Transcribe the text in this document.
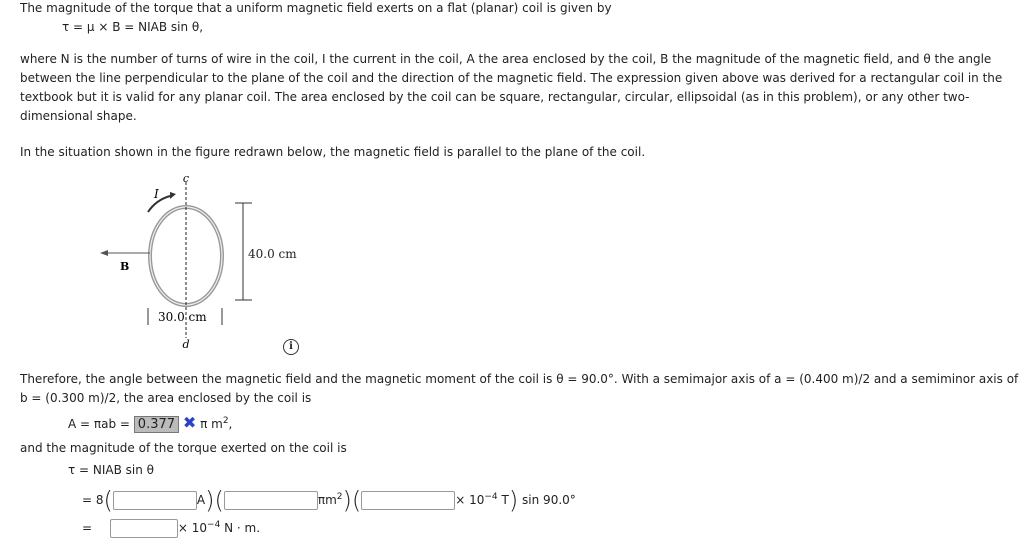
The magnitude of the torque that a uniform magnetic field exerts on a flat (planar) coil is given by
τ = μ × B = NIAB sin θ,
where N is the number of turns of wire in the coil, I the current in the coil, A the area enclosed by the coil, B the magnitude of the magnetic field, and θ the angle between the line perpendicular to the plane of the coil and the direction of the magnetic field. The expression given above was derived for a rectangular coil in the textbook but it is valid for any planar coil. The area enclosed by the coil can be square, rectangular, circular, ellipsoidal (as in this problem), or any other two-dimensional shape.
In the situation shown in the figure redrawn below, the magnetic field is parallel to the plane of the coil.
c
d
I
B
40.0 cm
30.0 cm
i
Therefore, the angle between the magnetic field and the magnetic moment of the coil is θ = 90.0°. With a semimajor axis of a = (0.400 m)/2 and a semiminor axis of b = (0.300 m)/2, the area enclosed by the coil is
A = πab = 0.377 ✖ π $m^2$,
and the magnitude of the torque exerted on the coil is
τ = NIAB sin θ
= 8(	A)(	$\pi m^2$)(	× $10^{-4}$ T) sin 90.0°
=	× $10^{-4}$ N · m.
